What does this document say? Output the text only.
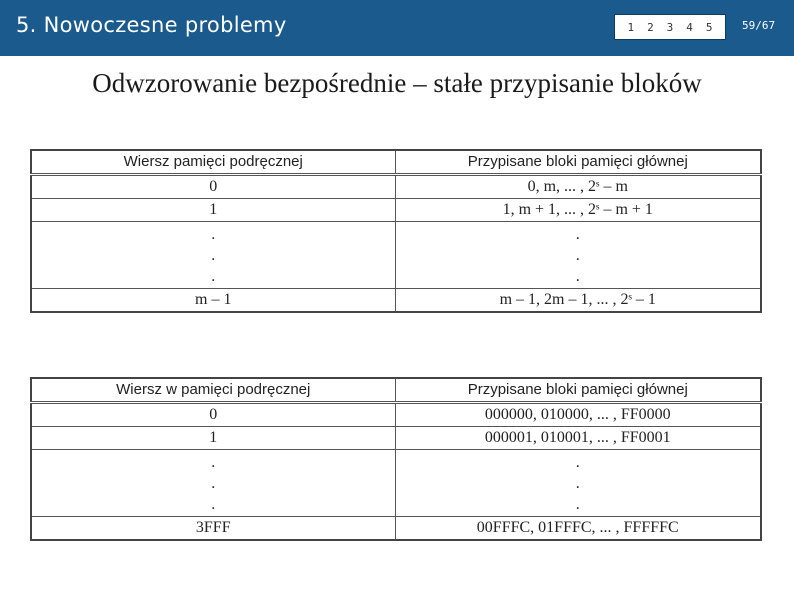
5. Nowoczesne problemy	1 2 3 4 5	59/67
Odwzorowanie bezpośrednie – stałe przypisanie bloków
Wiersz pamięci podręcznej	Przypisane bloki pamięci głównej
0	0, m, ... , 2ˢ – m
1	1, m + 1, ... , 2ˢ – m + 1

.
.
.	.
.
.

m – 1	m – 1, 2m – 1, ... , 2ˢ – 1
Wiersz w pamięci podręcznej	Przypisane bloki pamięci głównej
0	000000, 010000, ... , FF0000
1	000001, 010001, ... , FF0001

.
.
.	.
.
.

3FFF	00FFFC, 01FFFC, ... , FFFFFC
